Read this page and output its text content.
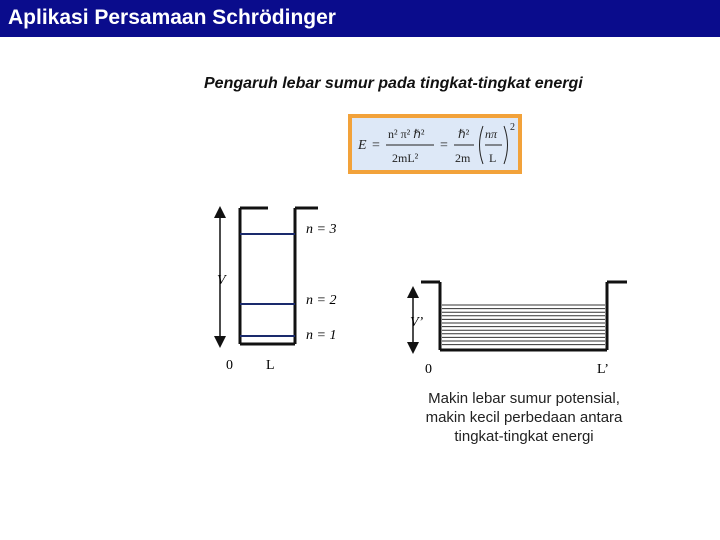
Aplikasi Persamaan Schrödinger
Pengaruh lebar sumur pada tingkat-tingkat energi
E =
n² π² ℏ²
2mL²
=
ℏ²
2m
nπ
L
2
n = 3
n = 2
n = 1
V
0 L
V’
0	L’
Makin lebar sumur potensial,
makin kecil perbedaan antara
tingkat-tingkat energi
